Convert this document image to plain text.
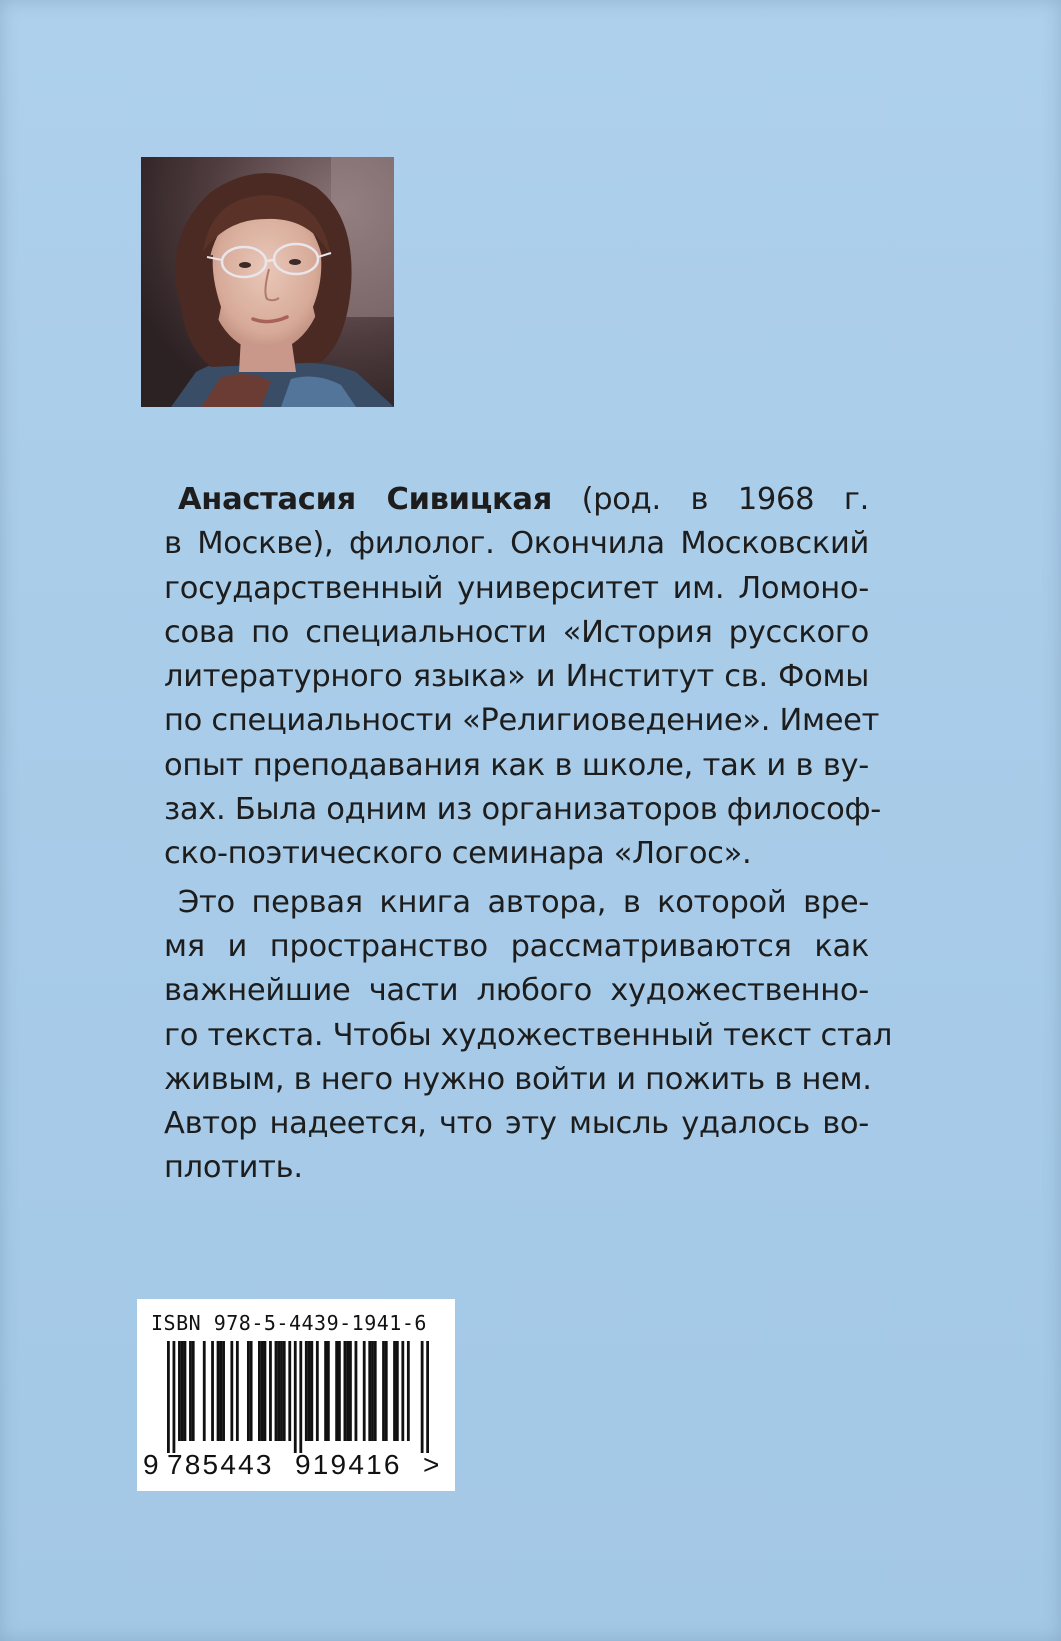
Анастасия Сивицкая (род. в 1968 г.
в Москве), филолог. Окончила Московский
государственный университет им. Ломоно-
сова по специальности «История русского
литературного языка» и Институт св. Фомы
по специальности «Религиоведение». Имеет
опыт преподавания как в школе, так и в ву-
зах. Была одним из организаторов философ-
ско-поэтического семинара «Логос».

Это первая книга автора, в которой вре-
мя и пространство рассматриваются как
важнейшие части любого художественно-
го текста. Чтобы художественный текст стал
живым, в него нужно войти и пожить в нем.
Автор надеется, что эту мысль удалось во-
плотить.

ISBN 978-5-4439-1941-6
9 785443 919416 >
